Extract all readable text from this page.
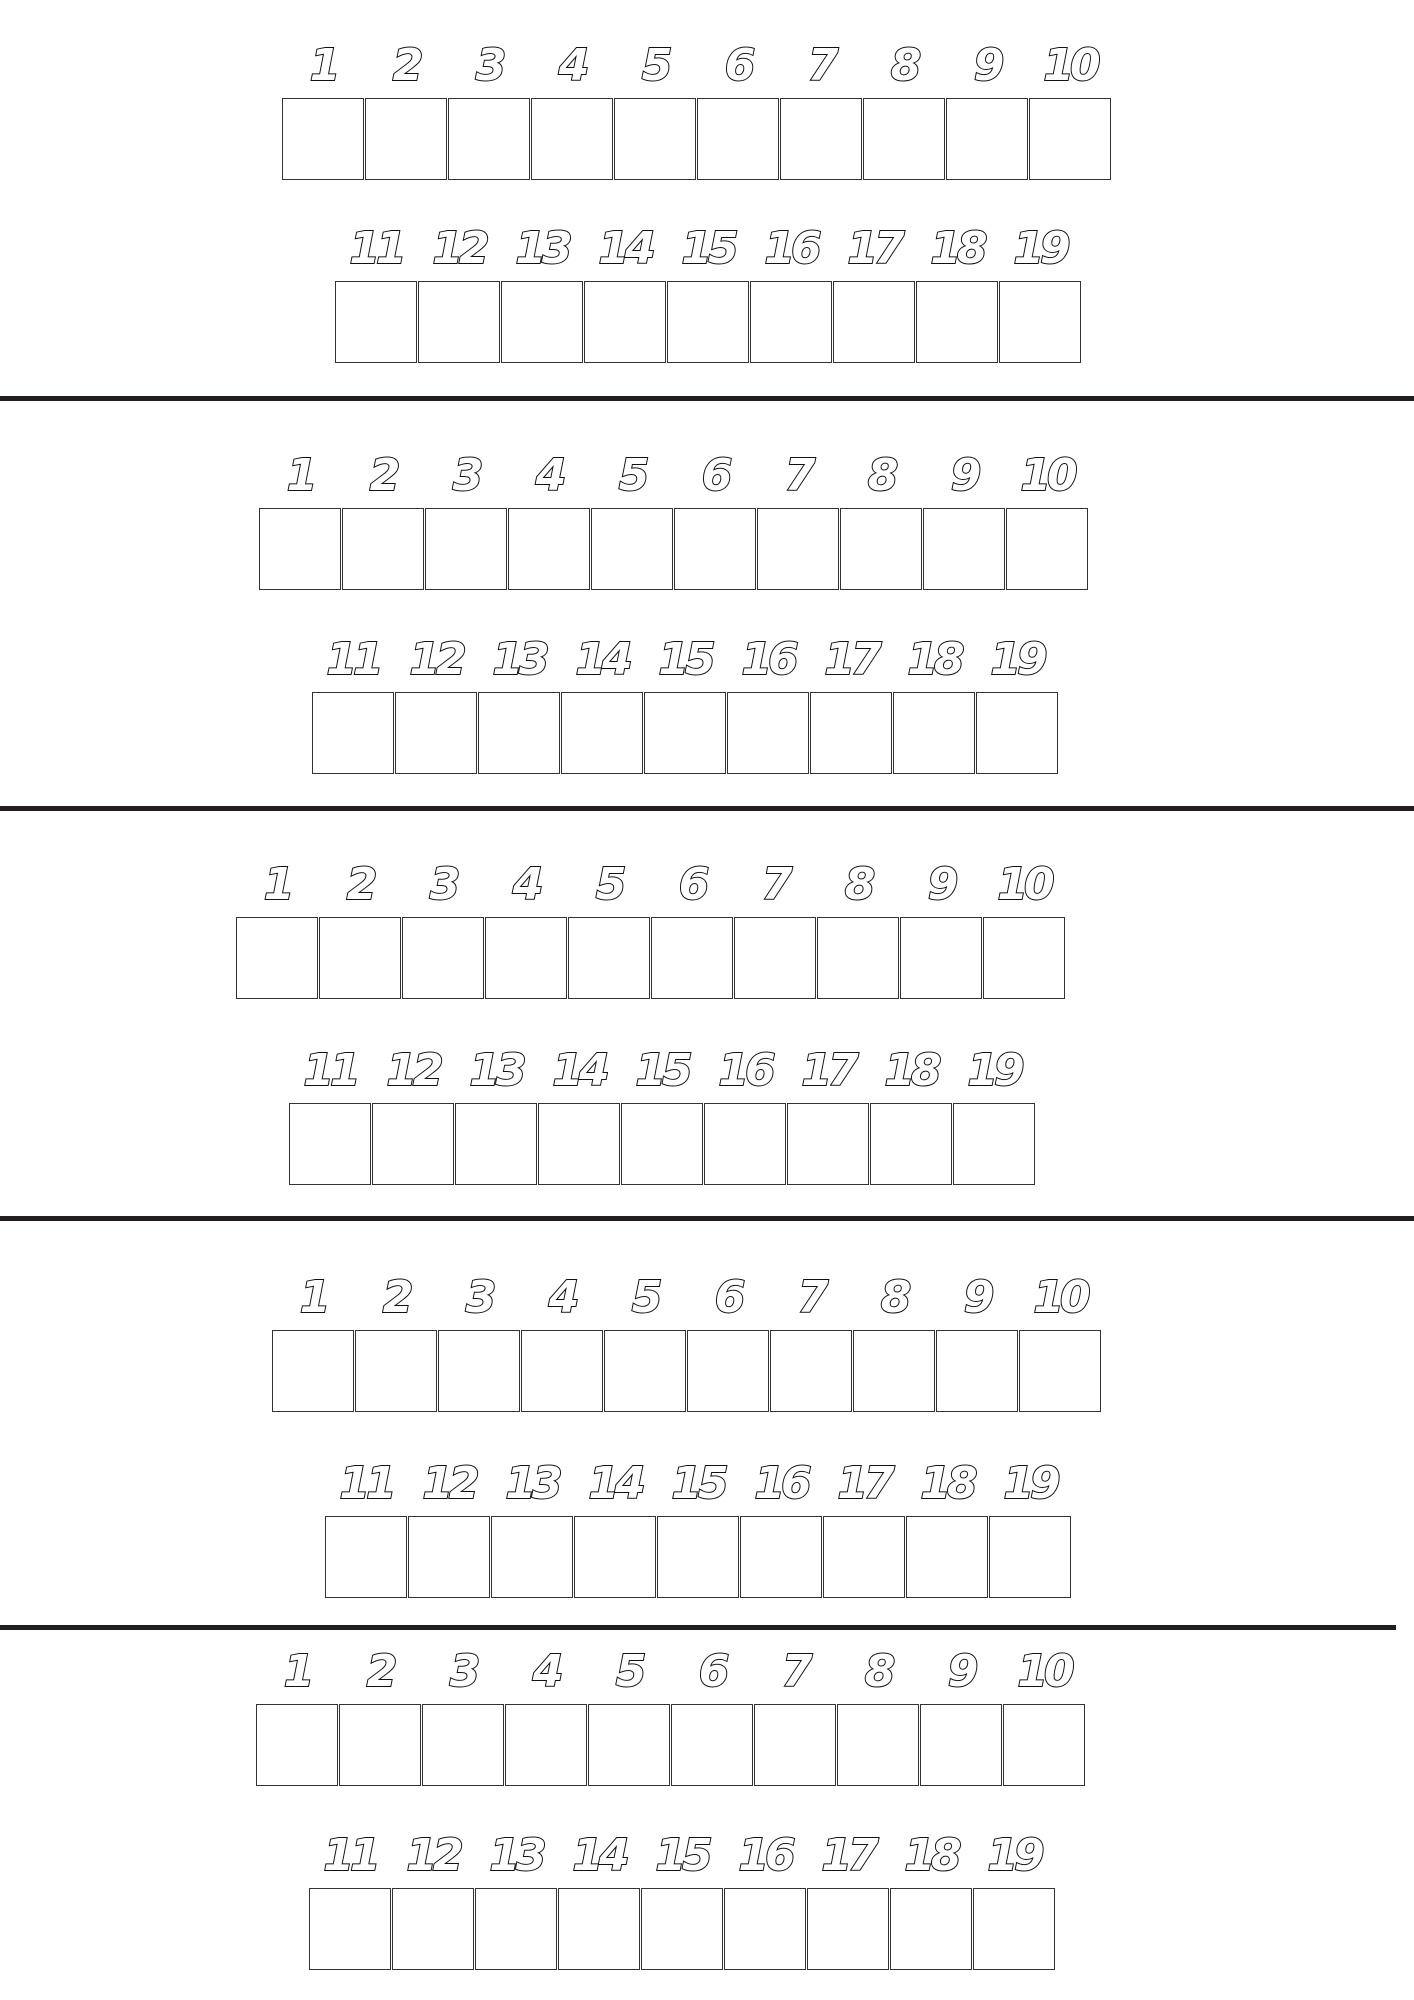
1 2 3 4 5 6 7 8 9 10
11 12 13 14 15 16 17 18 19
1 2 3 4 5 6 7 8 9 10
11 12 13 14 15 16 17 18 19
1 2 3 4 5 6 7 8 9 10
11 12 13 14 15 16 17 18 19
1 2 3 4 5 6 7 8 9 10
11 12 13 14 15 16 17 18 19
1 2 3 4 5 6 7 8 9 10
11 12 13 14 15 16 17 18 19
